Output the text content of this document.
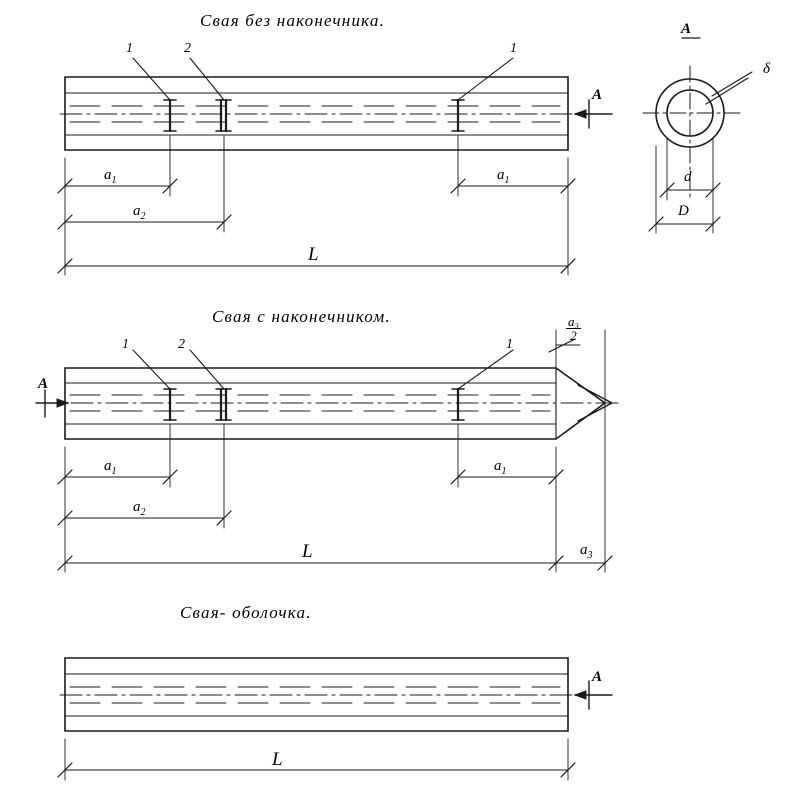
Свая без наконечника.
Свая с наконечником.
Свая- оболочка.
А
А
А
А
δ
d
D
1	2	1
$a_1$	$a_1$
$a_2$
L
1	2	1
$\frac{\text{a₃}}{2}$
$a_1$	$a_1$
$a_2$
L	$a_3$
L
